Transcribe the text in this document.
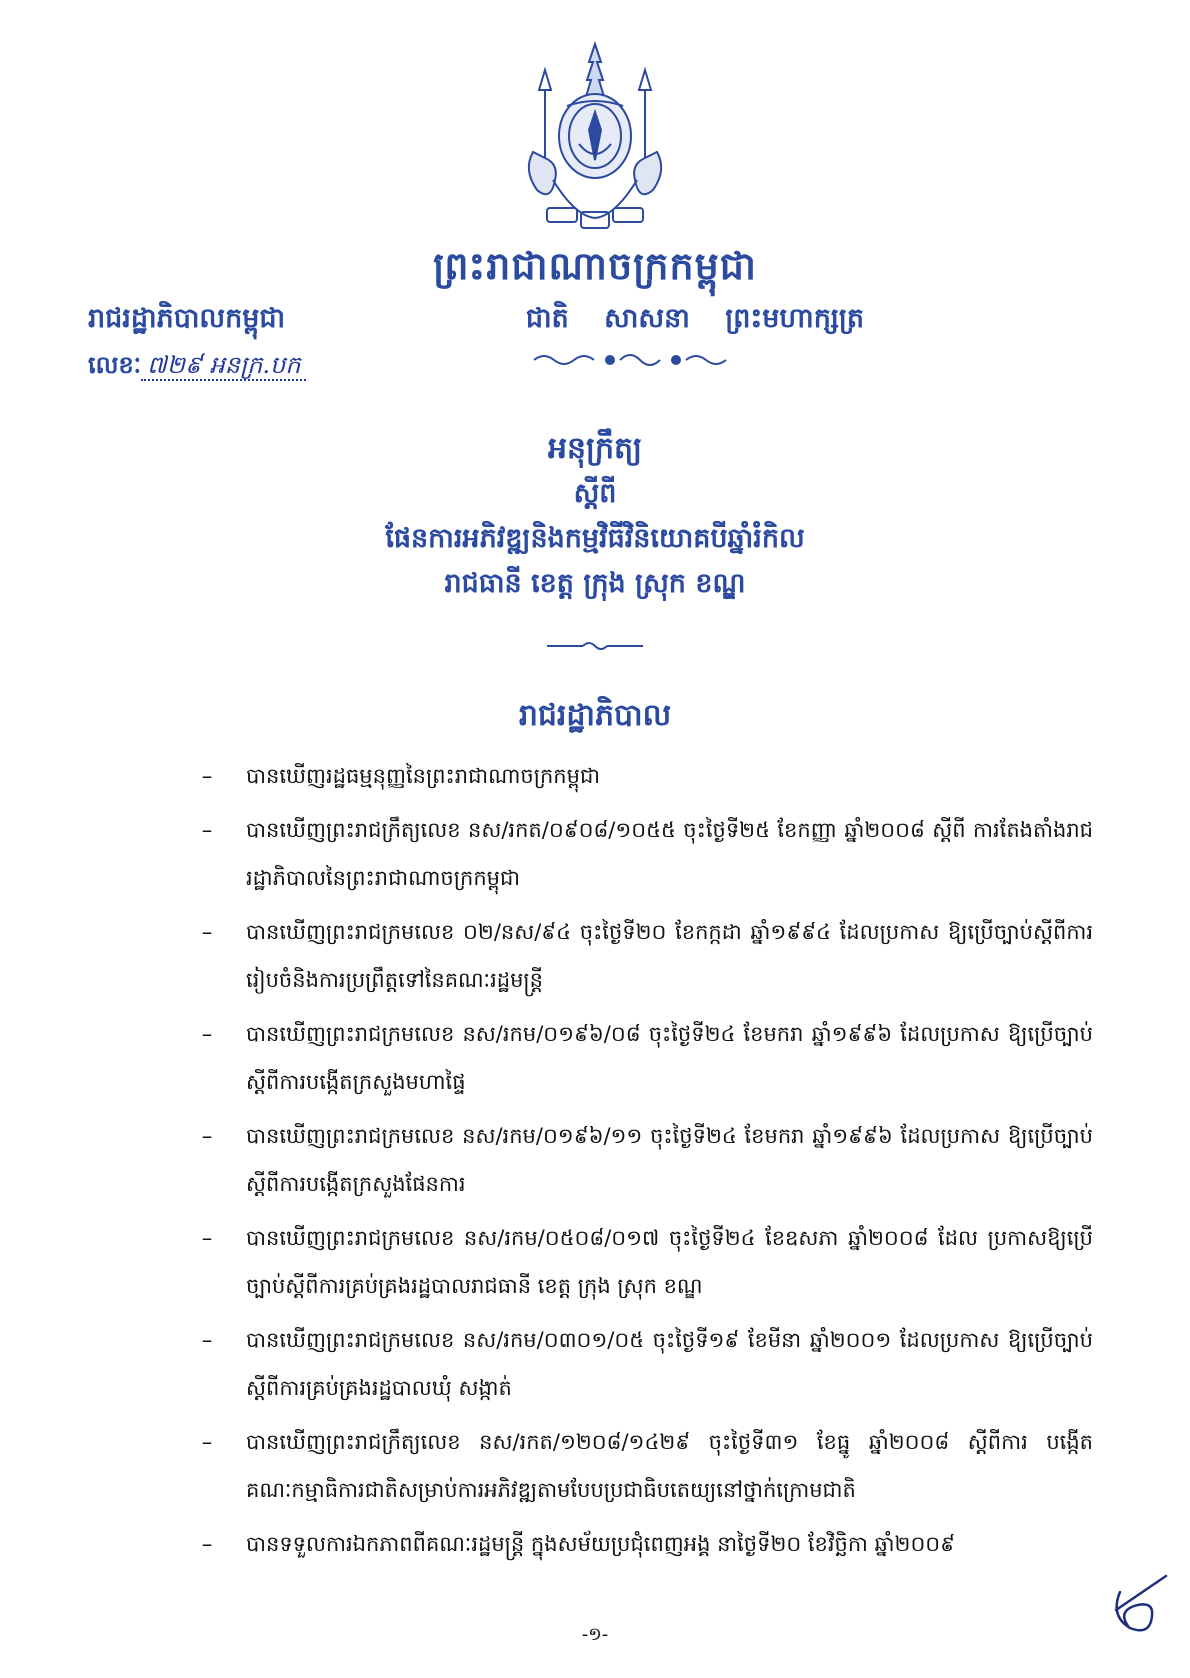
ព្រះរាជាណាចក្រកម្ពុជា
ជាតិ សាសនា ព្រះមហាក្សត្រ
រាជរដ្ឋាភិបាលកម្ពុជា
លេខៈ ៧២៩ អនក្រ.បក

អនុក្រឹត្យ

ស្តីពី

ផែនការអភិវឌ្ឍនិងកម្មវិធីវិនិយោគបីឆ្នាំរំកិល

រាជធានី ខេត្ត ក្រុង ស្រុក ខណ្ឌ

រាជរដ្ឋាភិបាល
– បានឃើញរដ្ឋធម្មនុញ្ញនៃព្រះរាជាណាចក្រកម្ពុជា
– បានឃើញព្រះរាជក្រឹត្យលេខ នស/រកត/០៩០៨/១០៥៥ ចុះថ្ងៃទី២៥ ខែកញ្ញា ឆ្នាំ២០០៨ ស្តីពី ការតែងតាំងរាជរដ្ឋាភិបាលនៃព្រះរាជាណាចក្រកម្ពុជា
– បានឃើញព្រះរាជក្រមលេខ ០២/នស/៩៤ ចុះថ្ងៃទី២០ ខែកក្កដា ឆ្នាំ១៩៩៤ ដែលប្រកាស ឱ្យប្រើច្បាប់ស្តីពីការរៀបចំនិងការប្រព្រឹត្តទៅនៃគណៈរដ្ឋមន្ត្រី
– បានឃើញព្រះរាជក្រមលេខ នស/រកម/០១៩៦/០៨ ចុះថ្ងៃទី២៤ ខែមករា ឆ្នាំ១៩៩៦ ដែលប្រកាស ឱ្យប្រើច្បាប់ស្តីពីការបង្កើតក្រសួងមហាផ្ទៃ
– បានឃើញព្រះរាជក្រមលេខ នស/រកម/០១៩៦/១១ ចុះថ្ងៃទី២៤ ខែមករា ឆ្នាំ១៩៩៦ ដែលប្រកាស ឱ្យប្រើច្បាប់ស្តីពីការបង្កើតក្រសួងផែនការ
– បានឃើញព្រះរាជក្រមលេខ នស/រកម/០៥០៨/០១៧ ចុះថ្ងៃទី២៤ ខែឧសភា ឆ្នាំ២០០៨ ដែល ប្រកាសឱ្យប្រើច្បាប់ស្តីពីការគ្រប់គ្រងរដ្ឋបាលរាជធានី ខេត្ត ក្រុង ស្រុក ខណ្ឌ
– បានឃើញព្រះរាជក្រមលេខ នស/រកម/០៣០១/០៥ ចុះថ្ងៃទី១៩ ខែមីនា ឆ្នាំ២០០១ ដែលប្រកាស ឱ្យប្រើច្បាប់ស្តីពីការគ្រប់គ្រងរដ្ឋបាលឃុំ សង្កាត់
– បានឃើញព្រះរាជក្រឹត្យលេខ នស/រកត/១២០៨/១៤២៩ ចុះថ្ងៃទី៣១ ខែធ្នូ ឆ្នាំ២០០៨ ស្តីពីការ បង្កើតគណៈកម្មាធិការជាតិសម្រាប់ការអភិវឌ្ឍតាមបែបប្រជាធិបតេយ្យនៅថ្នាក់ក្រោមជាតិ
– បានទទួលការឯកភាពពីគណៈរដ្ឋមន្ត្រី ក្នុងសម័យប្រជុំពេញអង្គ នាថ្ងៃទី២០ ខែវិច្ឆិកា ឆ្នាំ២០០៩
-១-
